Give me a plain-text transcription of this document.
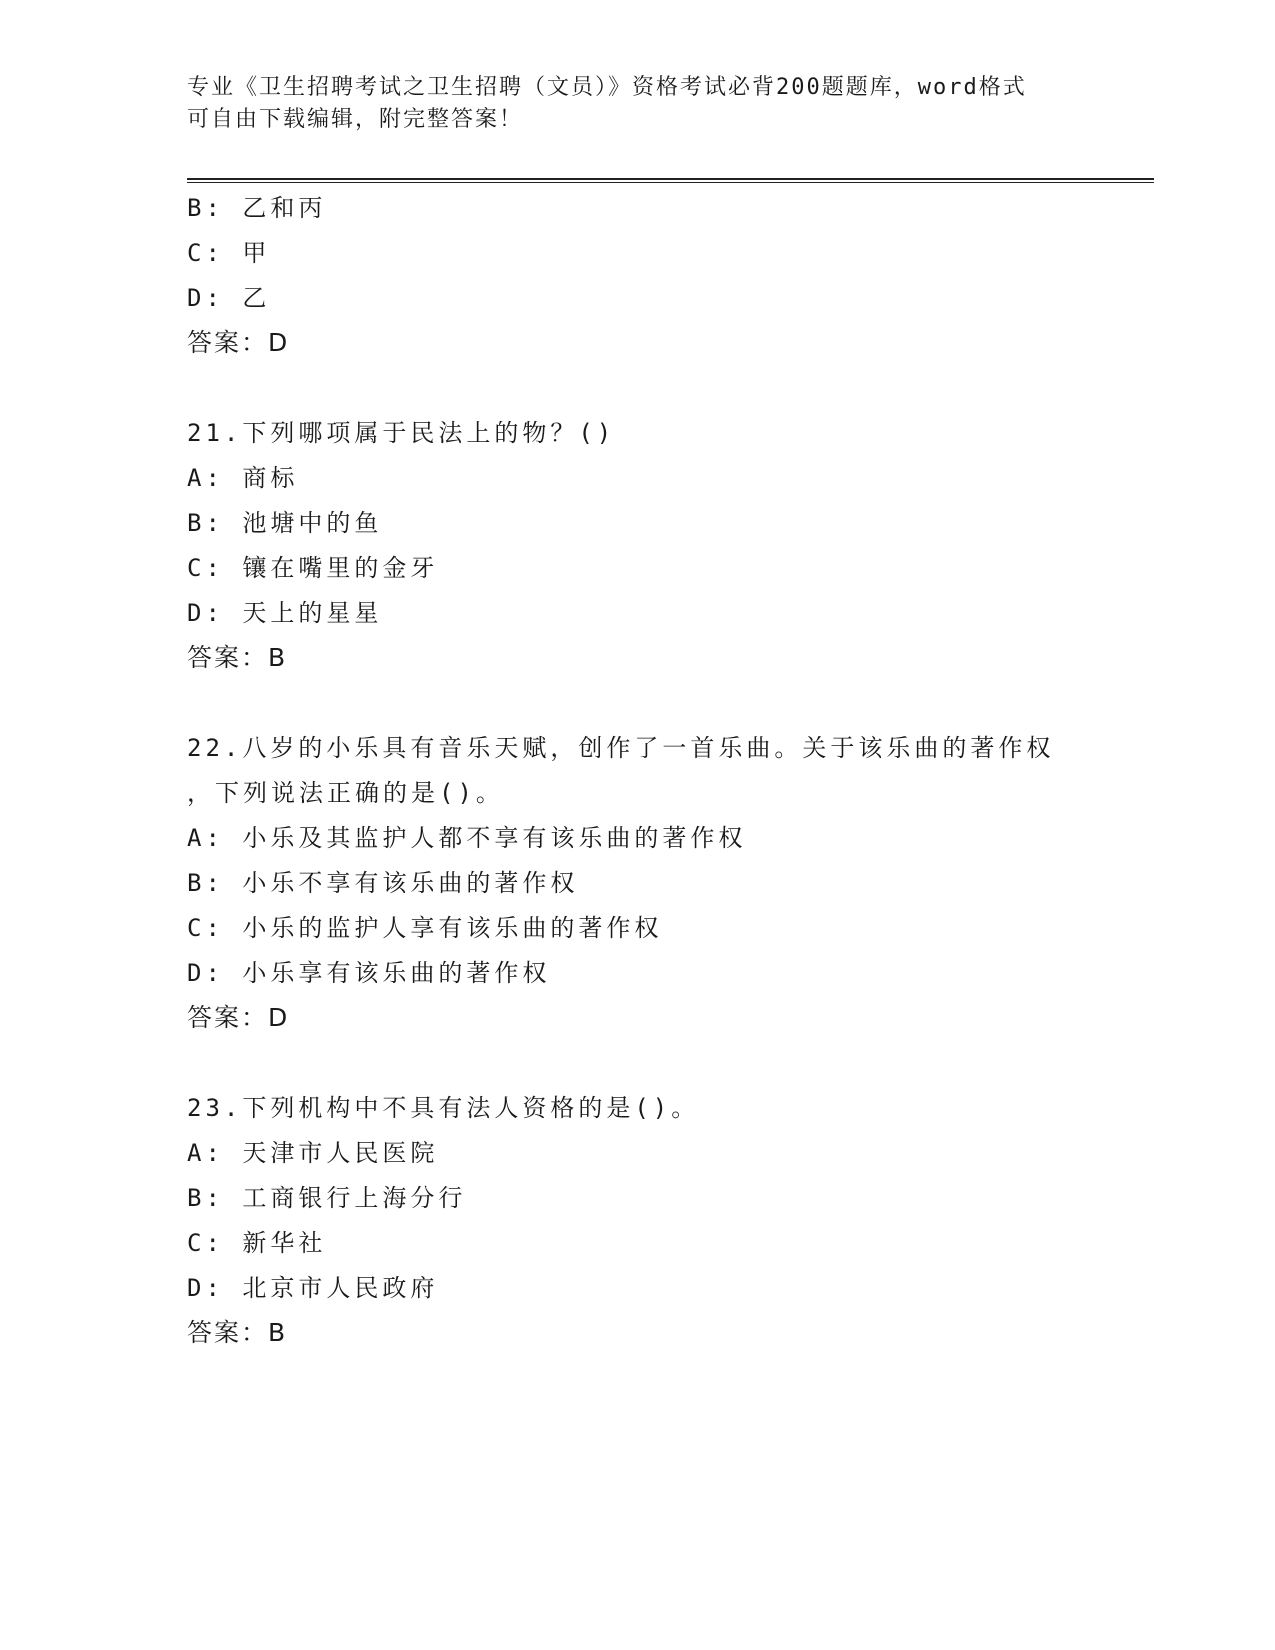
专业《卫生招聘考试之卫生招聘（文员）》资格考试必背200题题库，word格式
可自由下载编辑，附完整答案！
B: 乙和丙
C: 甲
D: 乙
答案：D
21.下列哪项属于民法上的物？()
A: 商标
B: 池塘中的鱼
C: 镶在嘴里的金牙
D: 天上的星星
答案：B
22.八岁的小乐具有音乐天赋，创作了一首乐曲。关于该乐曲的著作权
，下列说法正确的是()。
A: 小乐及其监护人都不享有该乐曲的著作权
B: 小乐不享有该乐曲的著作权
C: 小乐的监护人享有该乐曲的著作权
D: 小乐享有该乐曲的著作权
答案：D
23.下列机构中不具有法人资格的是()。
A: 天津市人民医院
B: 工商银行上海分行
C: 新华社
D: 北京市人民政府
答案：B
